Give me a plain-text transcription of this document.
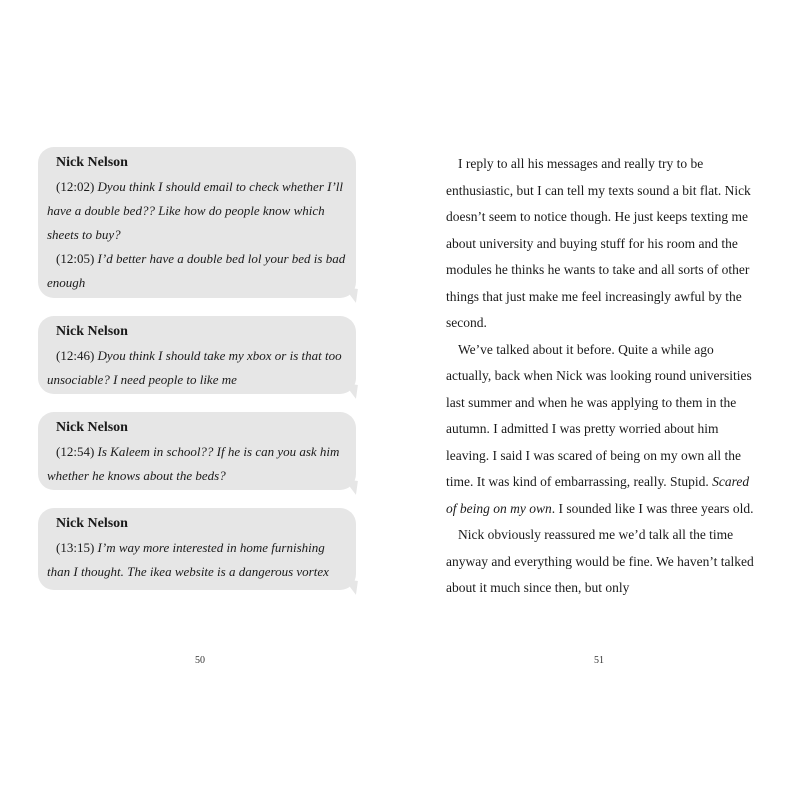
Nick Nelson

(12:02) Dyou think I should email to check whether I’ll have a double bed?? Like how do people know which sheets to buy?

(12:05) I’d better have a double bed lol your bed is bad enough

Nick Nelson

(12:46) Dyou think I should take my xbox or is that too unsociable? I need people to like me

Nick Nelson

(12:54) Is Kaleem in school?? If he is can you ask him whether he knows about the beds?

Nick Nelson

(13:15) I’m way more interested in home furnishing than I thought. The ikea website is a dangerous vortex

50

I reply to all his messages and really try to be enthusiastic, but I can tell my texts sound a bit flat. Nick doesn’t seem to notice though. He just keeps texting me about university and buying stuff for his room and the modules he thinks he wants to take and all sorts of other things that just make me feel increasingly awful by the second.

We’ve talked about it before. Quite a while ago actually, back when Nick was looking round universities last summer and when he was applying to them in the autumn. I admitted I was pretty worried about him leaving. I said I was scared of being on my own all the time. It was kind of embarrassing, really. Stupid. Scared of being on my own. I sounded like I was three years old.

Nick obviously reassured me we’d talk all the time anyway and everything would be fine. We haven’t talked about it much since then, but only

51
